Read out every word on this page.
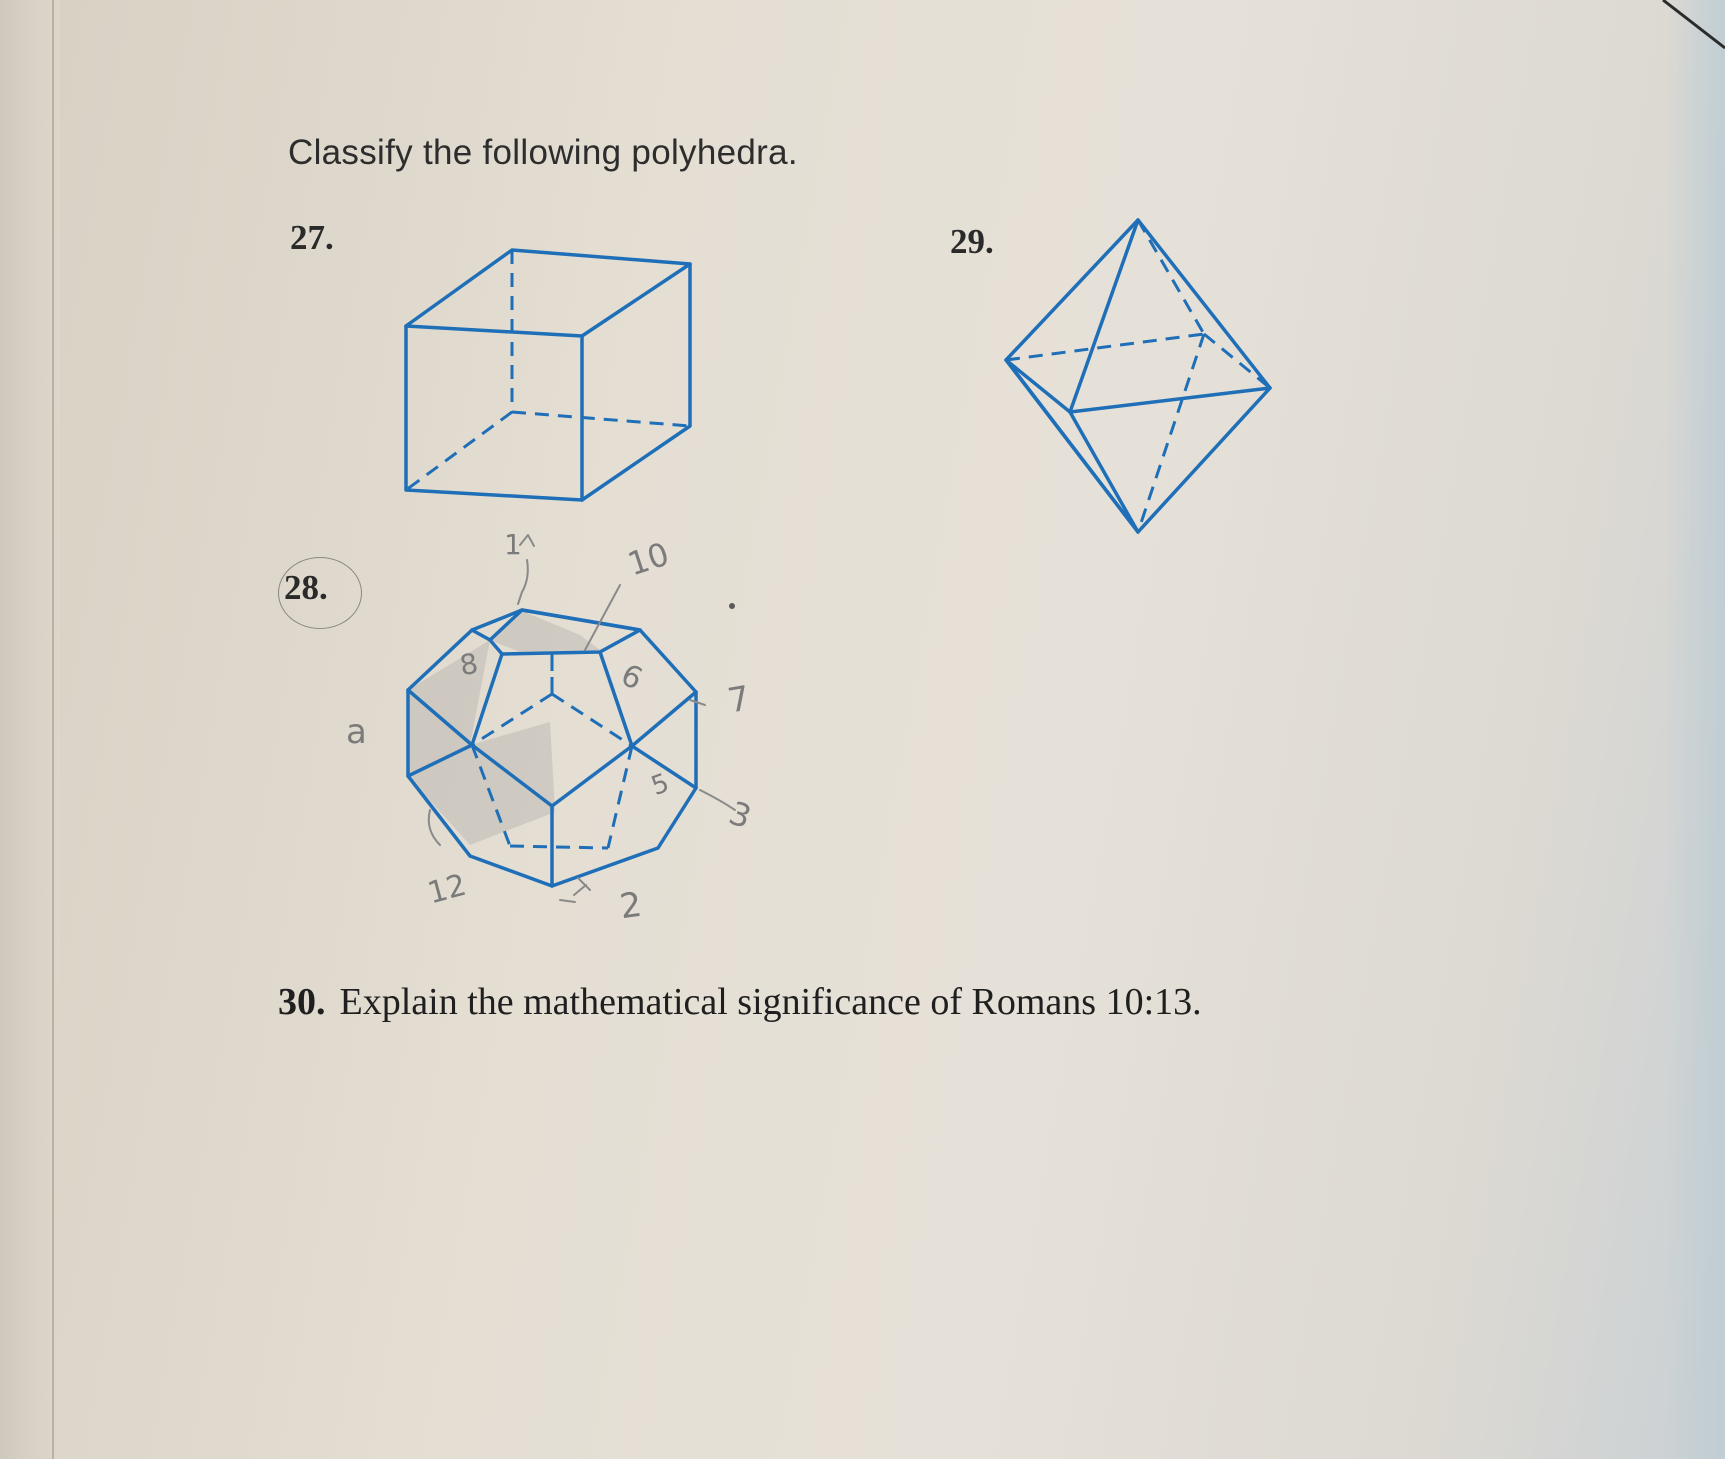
Classify the following polyhedra.
27.	29.
28.
10
1
7
3
2
12
8	6
5
a
30. Explain the mathematical significance of Romans 10:13.
